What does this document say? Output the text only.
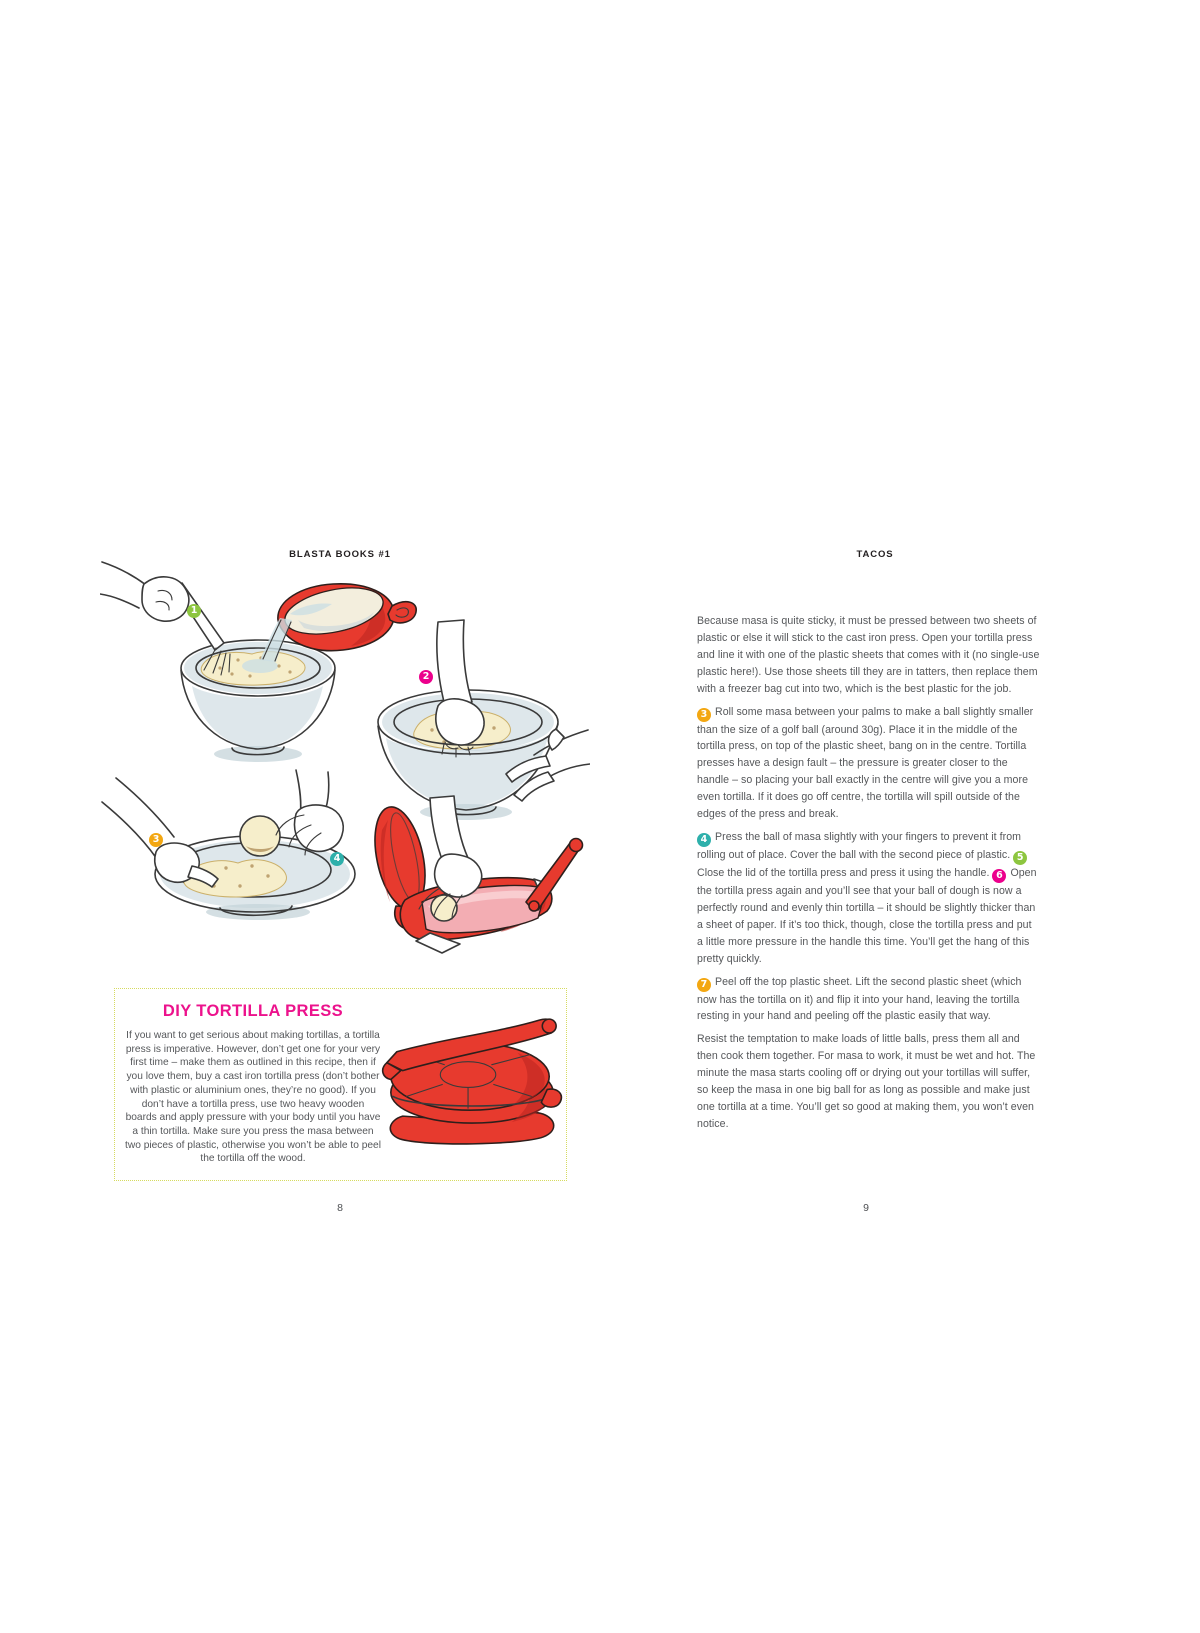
BLASTA BOOKS #1	TACOS
1
2
3
4
DIY TORTILLA PRESS

If you want to get serious about making tortillas, a tortilla press is imperative. However, don’t get one for your very first time – make them as outlined in this recipe, then if you love them, buy a cast iron tortilla press (don’t bother with plastic or aluminium ones, they’re no good). If you don’t have a tortilla press, use two heavy wooden boards and apply pressure with your body until you have a thin tortilla. Make sure you press the masa between two pieces of plastic, otherwise you won’t be able to peel the tortilla off the wood.

Because masa is quite sticky, it must be pressed between two sheets of plastic or else it will stick to the cast iron press. Open your tortilla press and line it with one of the plastic sheets that comes with it (no single-use plastic here!). Use those sheets till they are in tatters, then replace them with a freezer bag cut into two, which is the best plastic for the job.

3 Roll some masa between your palms to make a ball slightly smaller than the size of a golf ball (around 30g). Place it in the middle of the tortilla press, on top of the plastic sheet, bang on in the centre. Tortilla presses have a design fault – the pressure is greater closer to the handle – so placing your ball exactly in the centre will give you a more even tortilla. If it does go off centre, the tortilla will spill outside of the edges of the press and break.

4 Press the ball of masa slightly with your fingers to prevent it from rolling out of place. Cover the ball with the second piece of plastic. 5Close the lid of the tortilla press and press it using the handle. 6 Open the tortilla press again and you’ll see that your ball of dough is now a perfectly round and evenly thin tortilla – it should be slightly thicker than a sheet of paper. If it’s too thick, though, close the tortilla press and put a little more pressure in the handle this time. You’ll get the hang of this pretty quickly.

7 Peel off the top plastic sheet. Lift the second plastic sheet (which now has the tortilla on it) and flip it into your hand, leaving the tortilla resting in your hand and peeling off the plastic easily that way.

Resist the temptation to make loads of little balls, press them all and then cook them together. For masa to work, it must be wet and hot. The minute the masa starts cooling off or drying out your tortillas will suffer, so keep the masa in one big ball for as long as possible and make just one tortilla at a time. You’ll get so good at making them, you won’t even notice.

8	9
